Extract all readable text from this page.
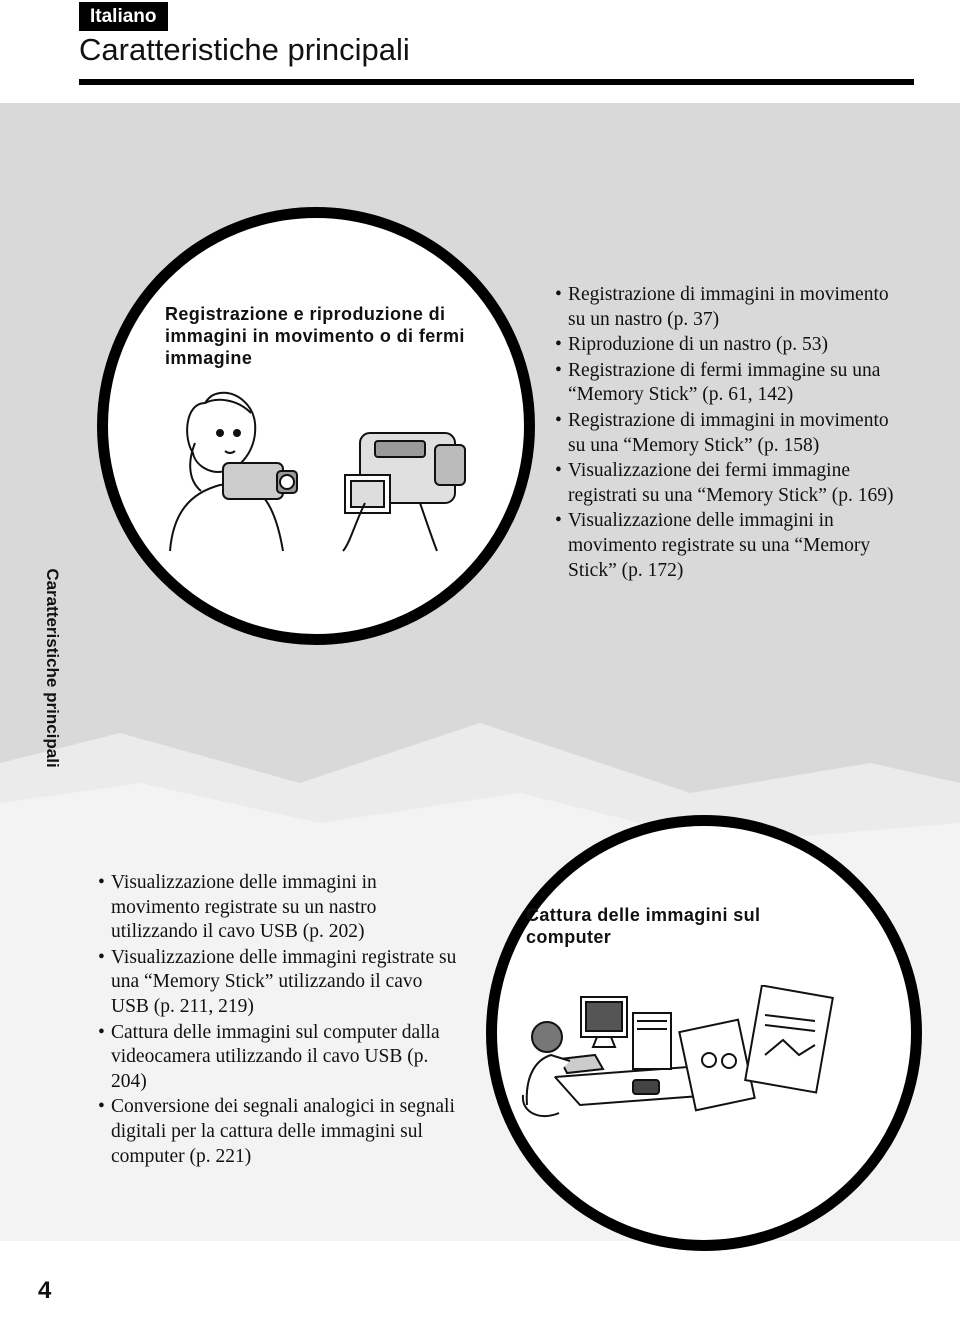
Italiano
Caratteristiche principali
Caratteristiche principali
Registrazione e riproduzione di immagini in movimento o di fermi immagine
• Registrazione di immagini in movimento su un nastro (p. 37)
• Riproduzione di un nastro (p. 53)
• Registrazione di fermi immagine su una “Memory Stick” (p. 61, 142)
• Registrazione di immagini in movimento su una “Memory Stick” (p. 158)
• Visualizzazione dei fermi immagine registrati su una “Memory Stick” (p. 169)
• Visualizzazione delle immagini in movimento registrate su una “Memory Stick” (p. 172)
Cattura delle immagini sul computer
• Visualizzazione delle immagini in movimento registrate su un nastro utilizzando il cavo USB (p. 202)
• Visualizzazione delle immagini registrate su una “Memory Stick” utilizzando il cavo USB (p. 211, 219)
• Cattura delle immagini sul computer dalla videocamera utilizzando il cavo USB (p. 204)
• Conversione dei segnali analogici in segnali digitali per la cattura delle immagini sul computer (p. 221)
4
